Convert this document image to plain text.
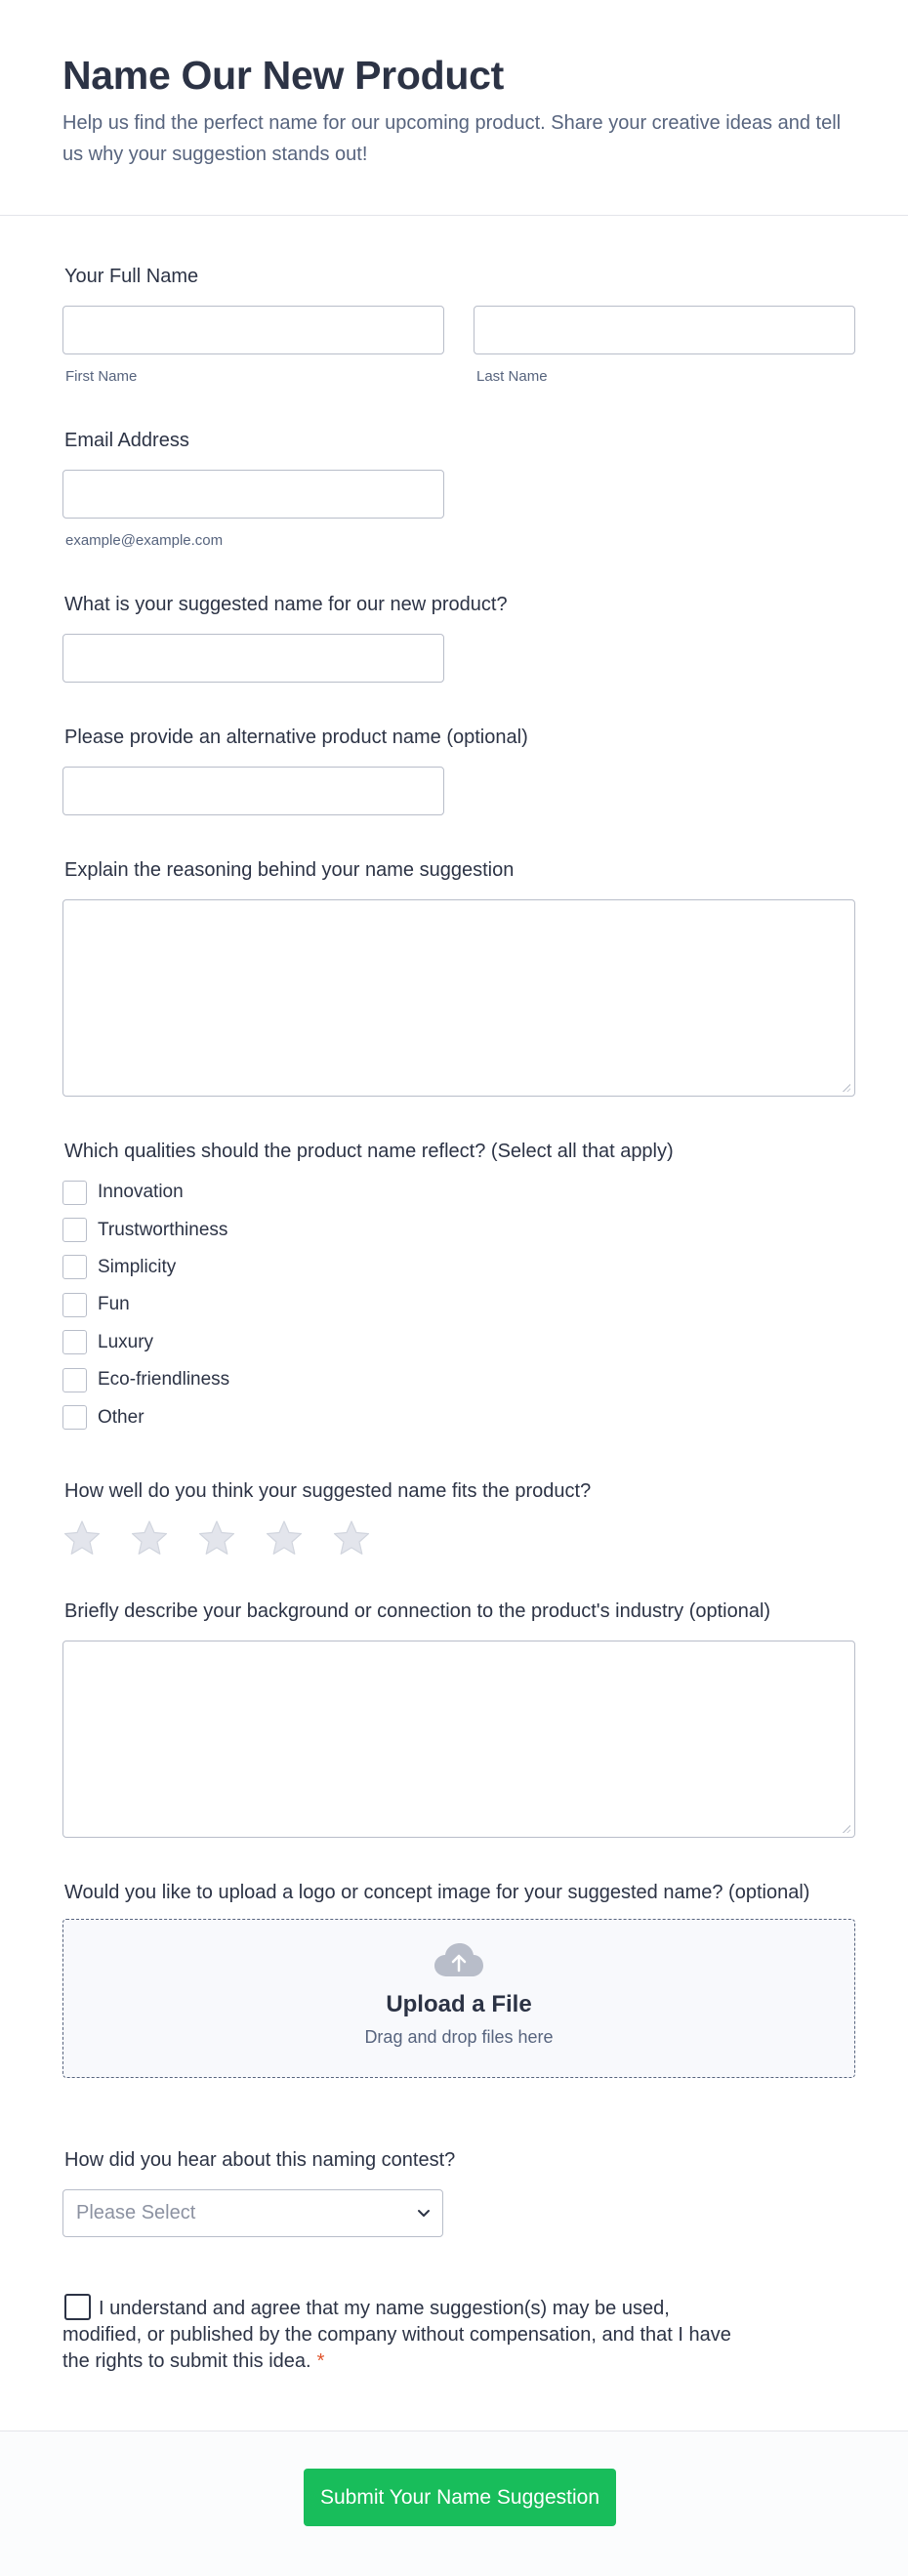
Name Our New Product

Help us find the perfect name for our upcoming product. Share your creative ideas and tell us why your suggestion stands out!

Your Full Name
First Name	Last Name
Email Address
example@example.com
What is your suggested name for our new product?
Please provide an alternative product name (optional)
Explain the reasoning behind your name suggestion
Which qualities should the product name reflect? (Select all that apply)
Innovation
Trustworthiness
Simplicity
Fun
Luxury
Eco-friendliness
Other
How well do you think your suggested name fits the product?
Briefly describe your background or connection to the product's industry (optional)
Would you like to upload a logo or concept image for your suggested name? (optional)
Upload a File
Drag and drop files here
How did you hear about this naming contest?
Please Select
I understand and agree that my name suggestion(s) may be used, modified, or published by the company without compensation, and that I have the rights to submit this idea. *
Submit Your Name Suggestion
